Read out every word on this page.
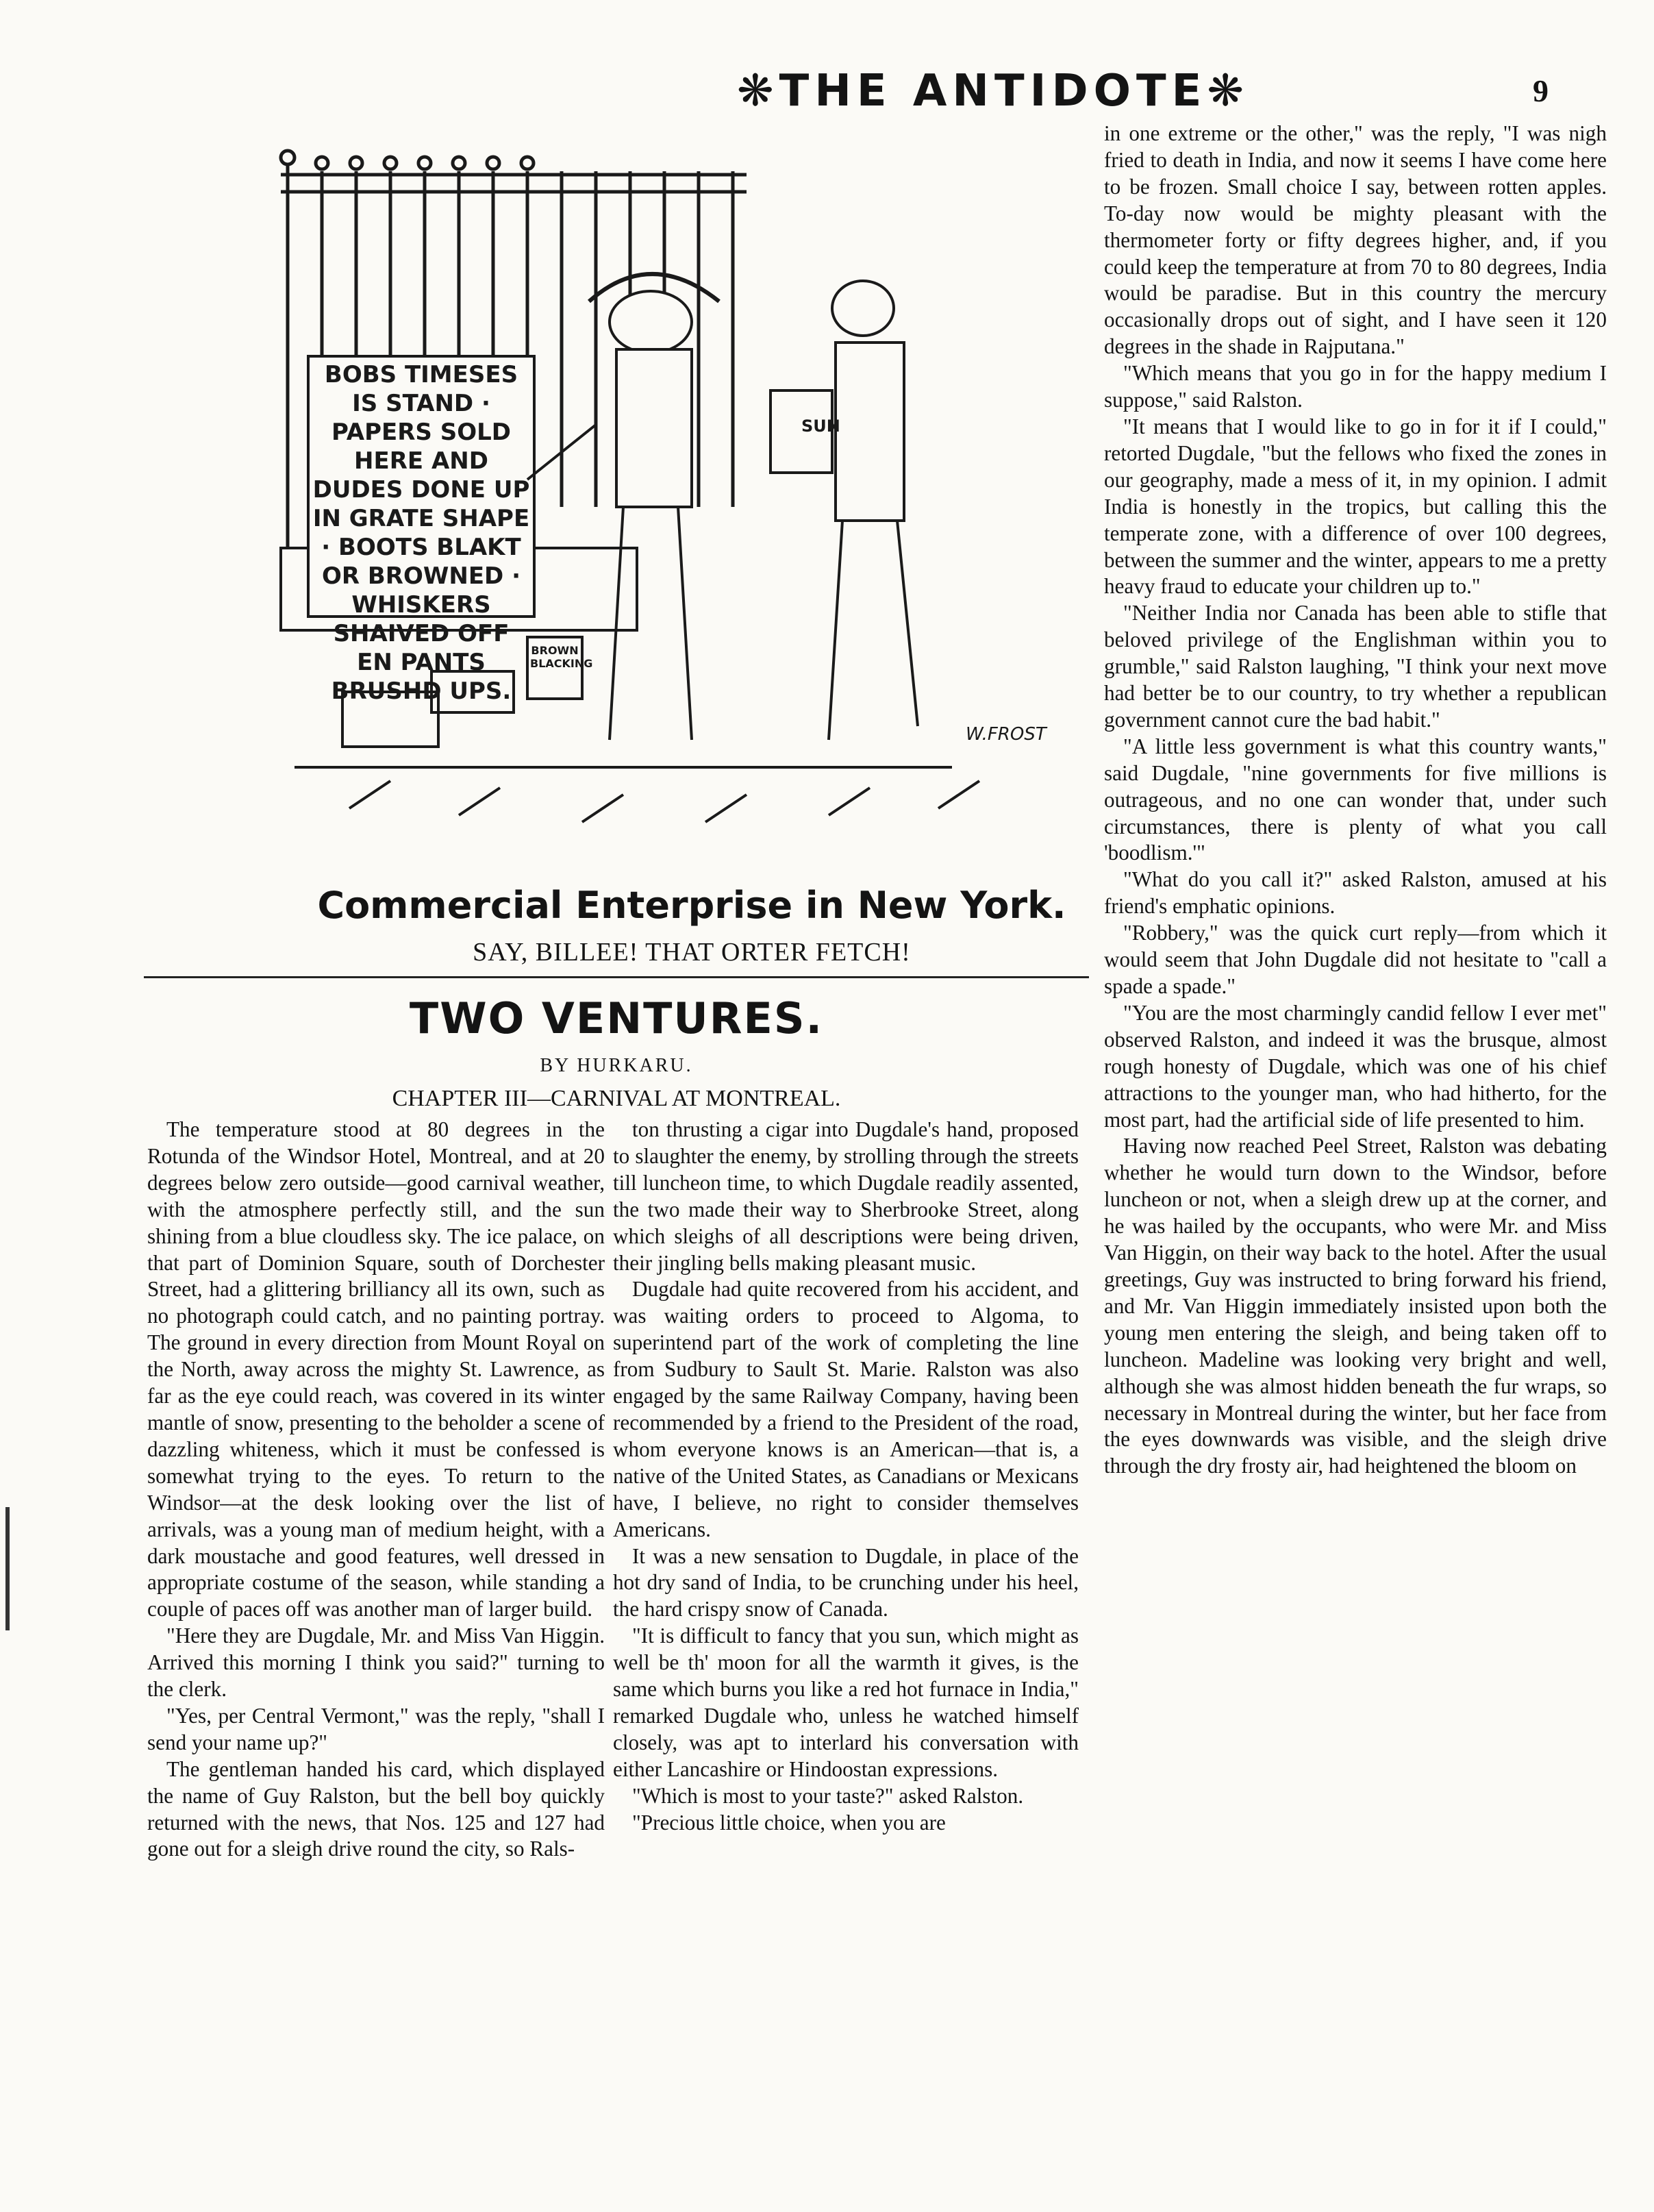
❋THE ANTIDOTE❋	9
BOBS TIMESES IS STAND · PAPERS SOLD HERE AND DUDES DONE UP IN GRATE SHAPE · BOOTS BLAKT OR BROWNED · WHISKERS SHAIVED OFF EN PANTS BRUSHD UPS.
SUN
BROWN BLACKING
W.FROST
Commercial Enterprise in New York.
SAY, BILLEE! THAT ORTER FETCH!
TWO VENTURES.
BY HURKARU.
CHAPTER III—CARNIVAL AT MONTREAL.

The temperature stood at 80 degrees in the Rotunda of the Windsor Hotel, Montreal, and at 20 degrees below zero outside—good carnival weather, with the atmosphere perfectly still, and the sun shining from a blue cloudless sky. The ice palace, on that part of Dominion Square, south of Dorchester Street, had a glittering brilliancy all its own, such as no photograph could catch, and no painting portray. The ground in every direction from Mount Royal on the North, away across the mighty St. Lawrence, as far as the eye could reach, was covered in its winter mantle of snow, presenting to the beholder a scene of dazzling whiteness, which it must be confessed is somewhat trying to the eyes. To return to the Windsor—at the desk looking over the list of arrivals, was a young man of medium height, with a dark moustache and good features, well dressed in appropriate costume of the season, while standing a couple of paces off was another man of larger build.

"Here they are Dugdale, Mr. and Miss Van Higgin. Arrived this morning I think you said?" turning to the clerk.

"Yes, per Central Vermont," was the reply, "shall I send your name up?"

The gentleman handed his card, which displayed the name of Guy Ralston, but the bell boy quickly returned with the news, that Nos. 125 and 127 had gone out for a sleigh drive round the city, so Rals-

ton thrusting a cigar into Dugdale's hand, proposed to slaughter the enemy, by strolling through the streets till luncheon time, to which Dugdale readily assented, the two made their way to Sherbrooke Street, along which sleighs of all descriptions were being driven, their jingling bells making pleasant music.

Dugdale had quite recovered from his accident, and was waiting orders to proceed to Algoma, to superintend part of the work of completing the line from Sudbury to Sault St. Marie. Ralston was also engaged by the same Railway Company, having been recommended by a friend to the President of the road, whom everyone knows is an American—that is, a native of the United States, as Canadians or Mexicans have, I believe, no right to consider themselves Americans.

It was a new sensation to Dugdale, in place of the hot dry sand of India, to be crunching under his heel, the hard crispy snow of Canada.

"It is difficult to fancy that you sun, which might as well be th' moon for all the warmth it gives, is the same which burns you like a red hot furnace in India," remarked Dugdale who, unless he watched himself closely, was apt to interlard his conversation with either Lancashire or Hindoostan expressions.

"Which is most to your taste?" asked Ralston.

"Precious little choice, when you are

in one extreme or the other," was the reply, "I was nigh fried to death in India, and now it seems I have come here to be frozen. Small choice I say, between rotten apples. To-day now would be mighty pleasant with the thermometer forty or fifty degrees higher, and, if you could keep the temperature at from 70 to 80 degrees, India would be paradise. But in this country the mercury occasionally drops out of sight, and I have seen it 120 degrees in the shade in Rajputana."

"Which means that you go in for the happy medium I suppose," said Ralston.

"It means that I would like to go in for it if I could," retorted Dugdale, "but the fellows who fixed the zones in our geography, made a mess of it, in my opinion. I admit India is honestly in the tropics, but calling this the temperate zone, with a difference of over 100 degrees, between the summer and the winter, appears to me a pretty heavy fraud to educate your children up to."

"Neither India nor Canada has been able to stifle that beloved privilege of the Englishman within you to grumble," said Ralston laughing, "I think your next move had better be to our country, to try whether a republican government cannot cure the bad habit."

"A little less government is what this country wants," said Dugdale, "nine governments for five millions is outrageous, and no one can wonder that, under such circumstances, there is plenty of what you call 'boodlism.'"

"What do you call it?" asked Ralston, amused at his friend's emphatic opinions.

"Robbery," was the quick curt reply—from which it would seem that John Dugdale did not hesitate to "call a spade a spade."

"You are the most charmingly candid fellow I ever met" observed Ralston, and indeed it was the brusque, almost rough honesty of Dugdale, which was one of his chief attractions to the younger man, who had hitherto, for the most part, had the artificial side of life presented to him.

Having now reached Peel Street, Ralston was debating whether he would turn down to the Windsor, before luncheon or not, when a sleigh drew up at the corner, and he was hailed by the occupants, who were Mr. and Miss Van Higgin, on their way back to the hotel. After the usual greetings, Guy was instructed to bring forward his friend, and Mr. Van Higgin immediately insisted upon both the young men entering the sleigh, and being taken off to luncheon. Madeline was looking very bright and well, although she was almost hidden beneath the fur wraps, so necessary in Montreal during the winter, but her face from the eyes downwards was visible, and the sleigh drive through the dry frosty air, had heightened the bloom on
